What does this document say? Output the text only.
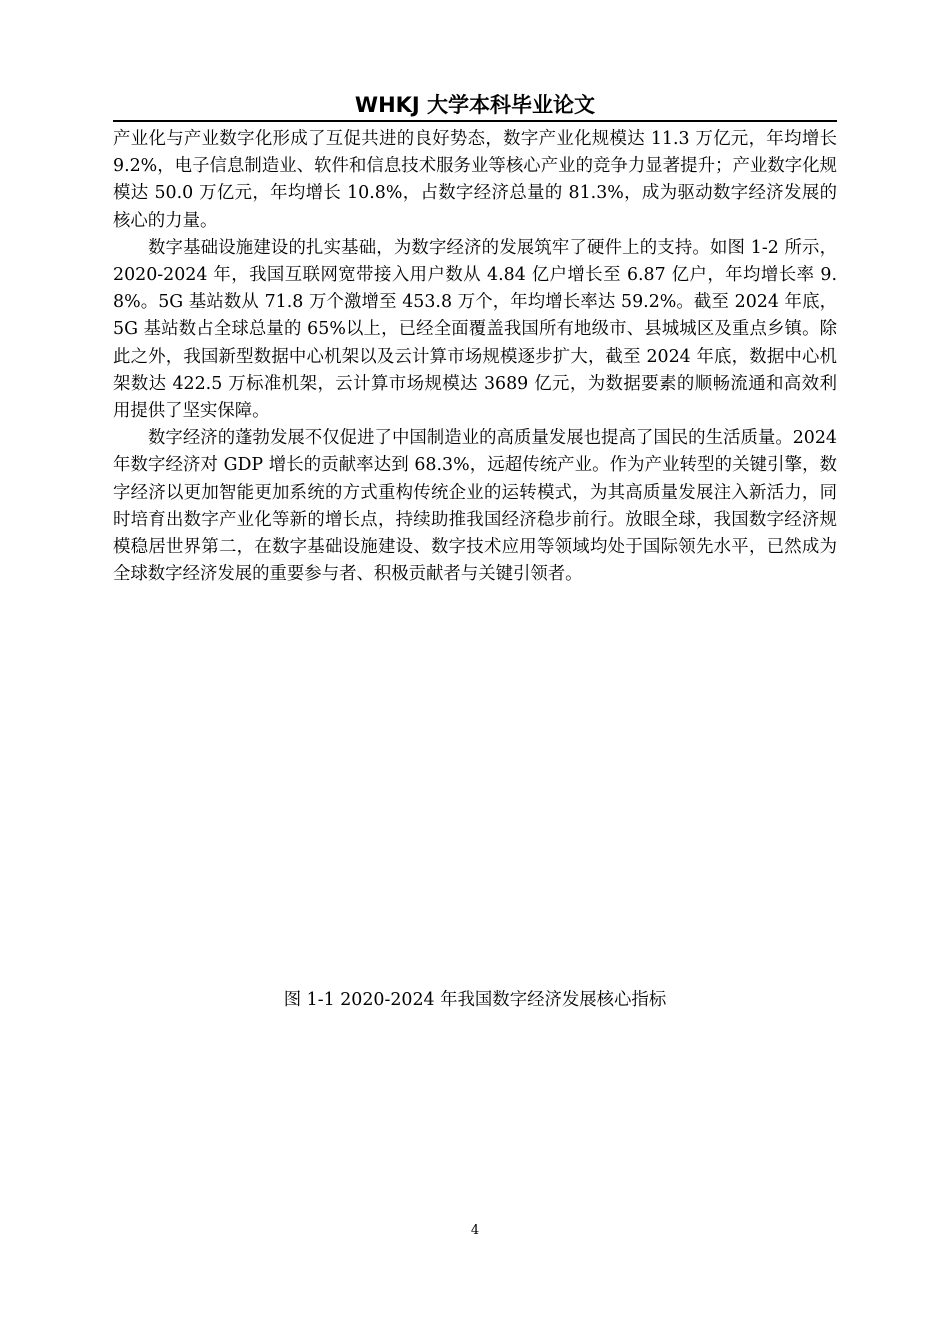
WHKJ 大学本科毕业论文

产业化与产业数字化形成了互促共进的良好势态，数字产业化规模达 11.3 万亿元，年均增长 9.2%，电子信息制造业、软件和信息技术服务业等核心产业的竞争力显著提升；产业数字化规模达 50.0 万亿元，年均增长 10.8%，占数字经济总量的 81.3%，成为驱动数字经济发展的核心的力量。

数字基础设施建设的扎实基础，为数字经济的发展筑牢了硬件上的支持。如图 1-2 所示，2020-2024 年，我国互联网宽带接入用户数从 4.84 亿户增长至 6.87 亿户，年均增长率 9.8%。5G 基站数从 71.8 万个激增至 453.8 万个，年均增长率达 59.2%。截至 2024 年底，5G 基站数占全球总量的 65%以上，已经全面覆盖我国所有地级市、县城城区及重点乡镇。除此之外，我国新型数据中心机架以及云计算市场规模逐步扩大，截至 2024 年底，数据中心机架数达 422.5 万标准机架，云计算市场规模达 3689 亿元，为数据要素的顺畅流通和高效利用提供了坚实保障。

数字经济的蓬勃发展不仅促进了中国制造业的高质量发展也提高了国民的生活质量。2024 年数字经济对 GDP 增长的贡献率达到 68.3%，远超传统产业。作为产业转型的关键引擎，数字经济以更加智能更加系统的方式重构传统企业的运转模式，为其高质量发展注入新活力，同时培育出数字产业化等新的增长点，持续助推我国经济稳步前行。放眼全球，我国数字经济规模稳居世界第二，在数字基础设施建设、数字技术应用等领域均处于国际领先水平，已然成为全球数字经济发展的重要参与者、积极贡献者与关键引领者。

图 1-1 2020-2024 年我国数字经济发展核心指标
4
